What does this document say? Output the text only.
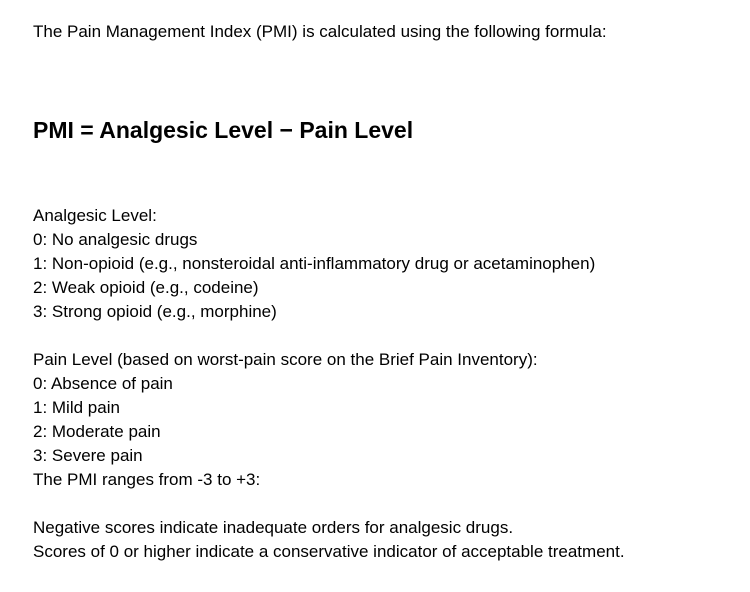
The Pain Management Index (PMI) is calculated using the following formula:
PMI = Analgesic Level − Pain Level
Analgesic Level:
0: No analgesic drugs
1: Non-opioid (e.g., nonsteroidal anti-inflammatory drug or acetaminophen)
2: Weak opioid (e.g., codeine)
3: Strong opioid (e.g., morphine)
Pain Level (based on worst-pain score on the Brief Pain Inventory):
0: Absence of pain
1: Mild pain
2: Moderate pain
3: Severe pain
The PMI ranges from -3 to +3:
Negative scores indicate inadequate orders for analgesic drugs.
Scores of 0 or higher indicate a conservative indicator of acceptable treatment.
